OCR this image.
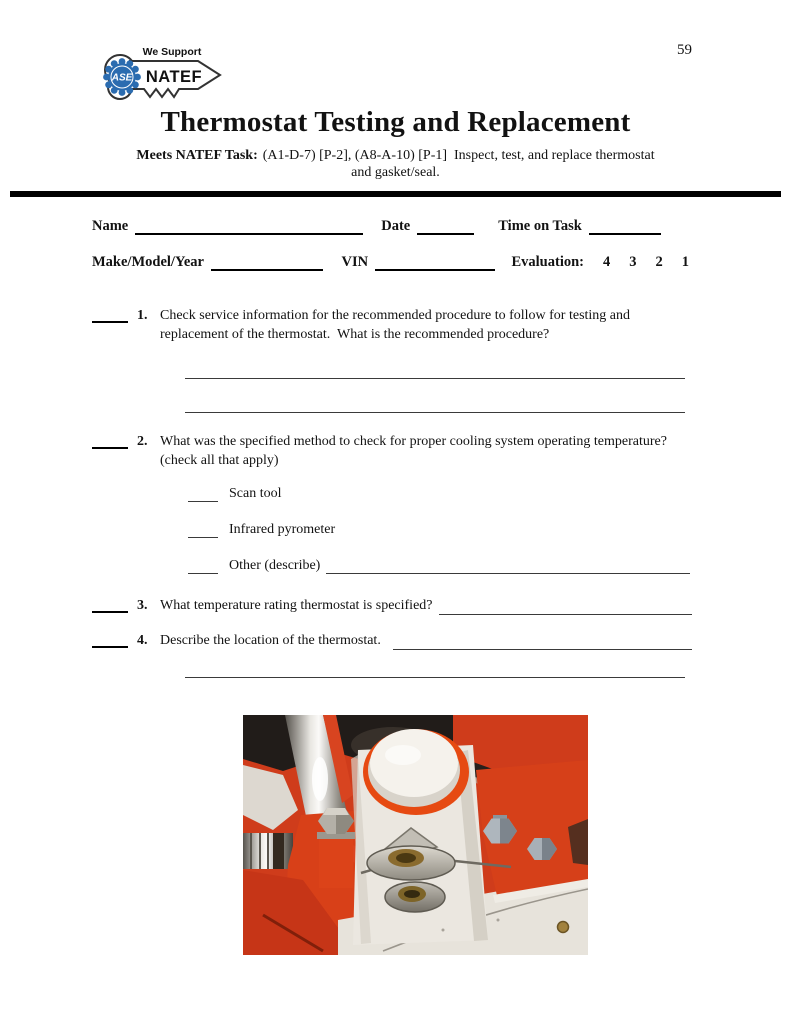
59
We Support
NATEF
ASE
Thermostat Testing and Replacement
Meets NATEF Task: (A1-D-7) [P-2], (A8-A-10) [P-1]  Inspect, test, and replace thermostat
and gasket/seal.
Name	Date	Time on Task
Make/Model/Year	VIN	Evaluation: 4 3 2 1
1. Check service information for the recommended procedure to follow for testing and replacement of the thermostat.  What is the recommended procedure?
2. What was the specified method to check for proper cooling system operating temperature?  (check all that apply)
Scan tool
Infrared pyrometer
Other (describe)
3. What temperature rating thermostat is specified?
4. Describe the location of the thermostat.
